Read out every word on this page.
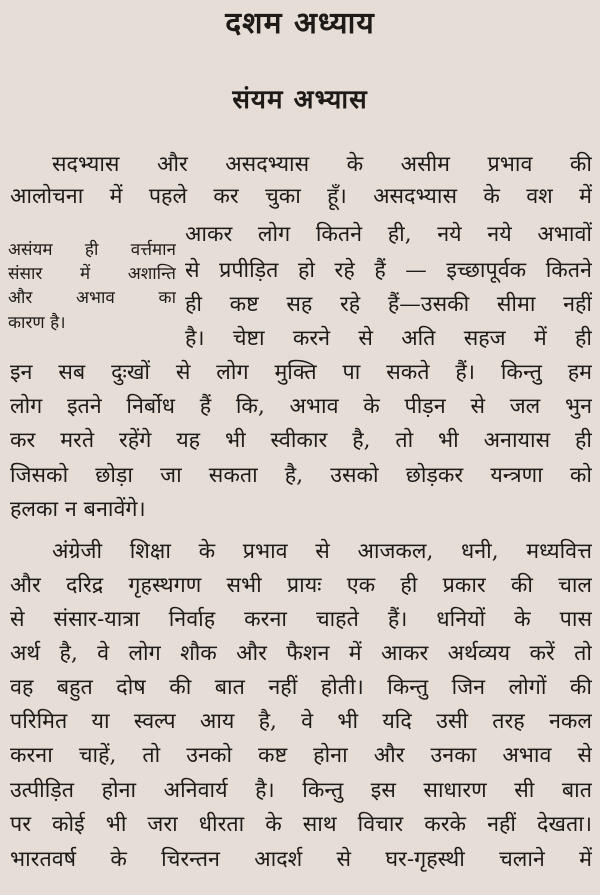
दशम अध्याय
संयम अभ्यास
सदभ्यास और असदभ्यास के असीम प्रभाव की
आलोचना में पहले कर चुका हूँ। असदभ्यास के वश में
असंयम ही वर्त्तमान
संसार में अशान्ति
और अभाव का
कारण है।
आकर लोग कितने ही, नये नये अभावों
से प्रपीड़ित हो रहे हैं — इच्छापूर्वक कितने
ही कष्ट सह रहे हैं—उसकी सीमा नहीं
है। चेष्टा करने से अति सहज में ही
इन सब दुःखों से लोग मुक्ति पा सकते हैं। किन्तु हम
लोग इतने निर्बोध हैं कि, अभाव के पीड़न से जल भुन
कर मरते रहेंगे यह भी स्वीकार है, तो भी अनायास ही
जिसको छोड़ा जा सकता है, उसको छोड़कर यन्त्रणा को
हलका न बनावेंगे।
अंग्रेजी शिक्षा के प्रभाव से आजकल, धनी, मध्यवित्त
और दरिद्र गृहस्थगण सभी प्रायः एक ही प्रकार की चाल
से संसार-यात्रा निर्वाह करना चाहते हैं। धनियों के पास
अर्थ है, वे लोग शौक और फैशन में आकर अर्थव्यय करें तो
वह बहुत दोष की बात नहीं होती। किन्तु जिन लोगों की
परिमित या स्वल्प आय है, वे भी यदि उसी तरह नकल
करना चाहें, तो उनको कष्ट होना और उनका अभाव से
उत्पीड़ित होना अनिवार्य है। किन्तु इस साधारण सी बात
पर कोई भी जरा धीरता के साथ विचार करके नहीं देखता।
भारतवर्ष के चिरन्तन आदर्श से घर-गृहस्थी चलाने में
